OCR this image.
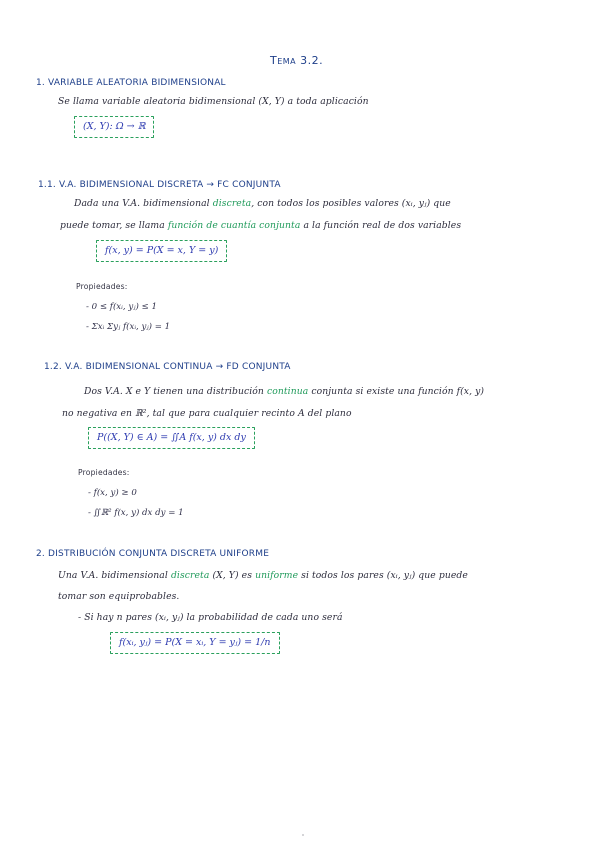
Tema 3.2.
1. VARIABLE ALEATORIA BIDIMENSIONAL
Se llama variable aleatoria bidimensional (X, Y) a toda aplicación
(X, Y): Ω → ℝ
1.1. V.A. BIDIMENSIONAL DISCRETA → FC CONJUNTA
Dada una V.A. bidimensional discreta, con todos los posibles valores (xᵢ, yⱼ) que
puede tomar, se llama función de cuantía conjunta a la función real de dos variables
f(x, y) = P(X = x, Y = y)
Propiedades:
- 0 ≤ f(xᵢ, yⱼ) ≤ 1
- Σxᵢ Σyⱼ f(xᵢ, yⱼ) = 1
1.2. V.A. BIDIMENSIONAL CONTINUA → FD CONJUNTA
Dos V.A. X e Y tienen una distribución continua conjunta si existe una función f(x, y)
no negativa en ℝ², tal que para cualquier recinto A del plano
P((X, Y) ∈ A) = ∬A f(x, y) dx dy
Propiedades:
- f(x, y) ≥ 0
- ∬ℝ² f(x, y) dx dy = 1
2. DISTRIBUCIÓN CONJUNTA DISCRETA UNIFORME
Una V.A. bidimensional discreta (X, Y) es uniforme si todos los pares (xᵢ, yⱼ) que puede
tomar son equiprobables.
- Si hay n pares (xᵢ, yⱼ) la probabilidad de cada uno será
f(xᵢ, yⱼ) = P(X = xᵢ, Y = yⱼ) = 1/n
